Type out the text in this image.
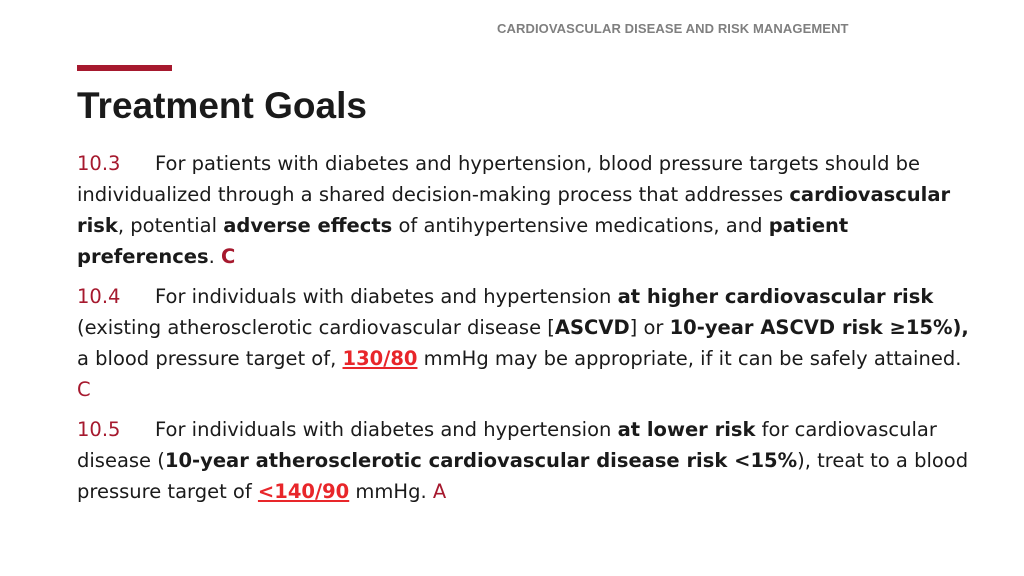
CARDIOVASCULAR DISEASE AND RISK MANAGEMENT
Treatment Goals

10.3 For patients with diabetes and hypertension, blood pressure targets should be individualized through a shared decision-making process that addresses cardiovascular risk, potential adverse effects of antihypertensive medications, and patient preferences. C

10.4 For individuals with diabetes and hypertension at higher cardiovascular risk (existing atherosclerotic cardiovascular disease [ASCVD] or 10-year ASCVD risk ≥15%), a blood pressure target of, 130/80 mmHg may be appropriate, if it can be safely attained. C

10.5 For individuals with diabetes and hypertension at lower risk for cardiovascular disease (10-year atherosclerotic cardiovascular disease risk <15%), treat to a blood pressure target of <140/90 mmHg. A
